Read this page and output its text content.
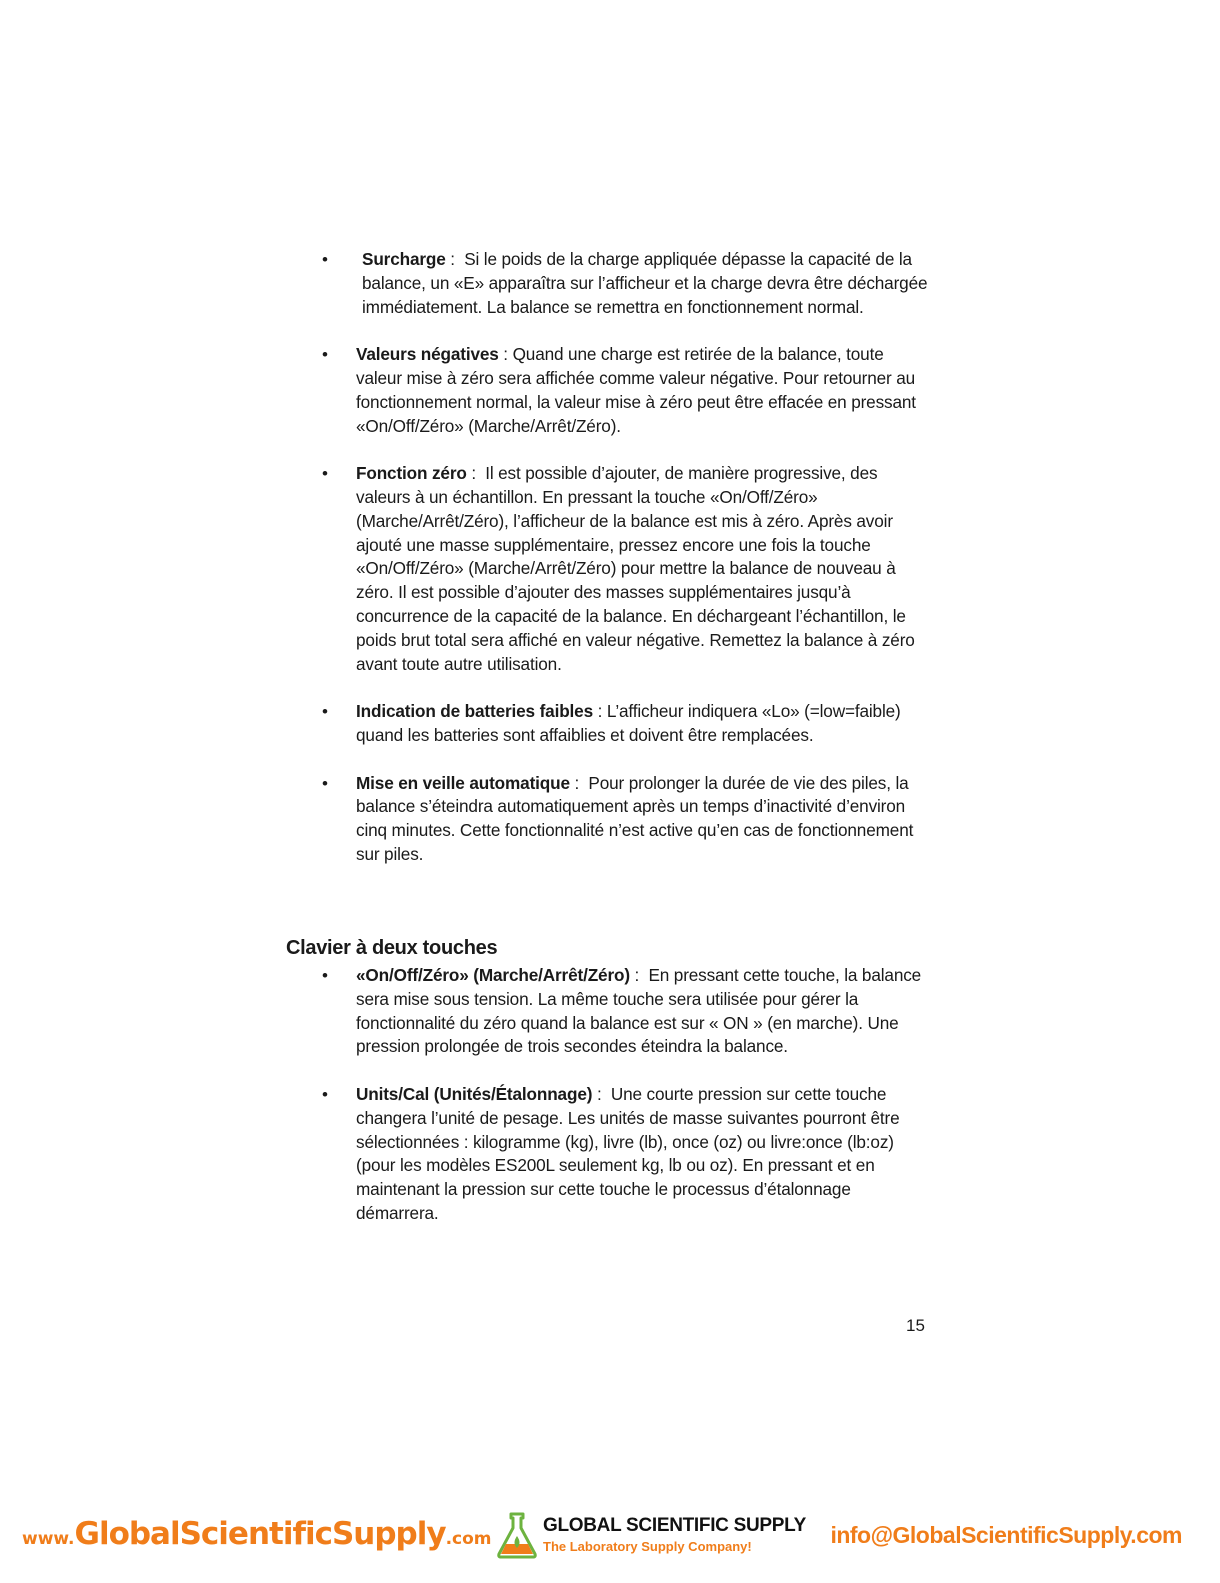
• Surcharge :  Si le poids de la charge appliquée dépasse la capacité de la balance, un «E» apparaîtra sur l’afficheur et la charge devra être déchargée immédiatement. La balance se remettra en fonctionnement normal.
• Valeurs négatives : Quand une charge est retirée de la balance, toute valeur mise à zéro sera affichée comme valeur négative. Pour retourner au fonctionnement normal, la valeur mise à zéro peut être effacée en pressant «On/Off/Zéro» (Marche/Arrêt/Zéro).
• Fonction zéro :  Il est possible d’ajouter, de manière progressive, des valeurs à un échantillon. En pressant la touche «On/Off/Zéro» (Marche/Arrêt/Zéro), l’afficheur de la balance est mis à zéro. Après avoir ajouté une masse supplémentaire, pressez encore une fois la touche «On/Off/Zéro» (Marche/Arrêt/Zéro) pour mettre la balance de nouveau à zéro. Il est possible d’ajouter des masses supplémentaires jusqu’à concurrence de la capacité de la balance. En déchargeant l’échantillon, le poids brut total sera affiché en valeur négative. Remettez la balance à zéro avant toute autre utilisation.
• Indication de batteries faibles : L’afficheur indiquera «Lo» (=low=faible) quand les batteries sont affaiblies et doivent être remplacées.
• Mise en veille automatique :  Pour prolonger la durée de vie des piles, la balance s’éteindra automatiquement après un temps d’inactivité d’environ cinq minutes. Cette fonctionnalité n’est active qu’en cas de fonctionnement sur piles.
Clavier à deux touches
• «On/Off/Zéro» (Marche/Arrêt/Zéro) :  En pressant cette touche, la balance sera mise sous tension. La même touche sera utilisée pour gérer la fonctionnalité du zéro quand la balance est sur « ON » (en marche). Une pression prolongée de trois secondes éteindra la balance.
• Units/Cal (Unités/Étalonnage) :  Une courte pression sur cette touche changera l’unité de pesage. Les unités de masse suivantes pourront être sélectionnées : kilogramme (kg), livre (lb), once (oz) ou livre:once (lb:oz) (pour les modèles ES200L seulement kg, lb ou oz). En pressant et en maintenant la pression sur cette touche le processus d’étalonnage démarrera.
15
www.GlobalScientificSupply.com
GLOBAL SCIENTIFIC SUPPLY
The Laboratory Supply Company!	info@GlobalScientificSupply.com
